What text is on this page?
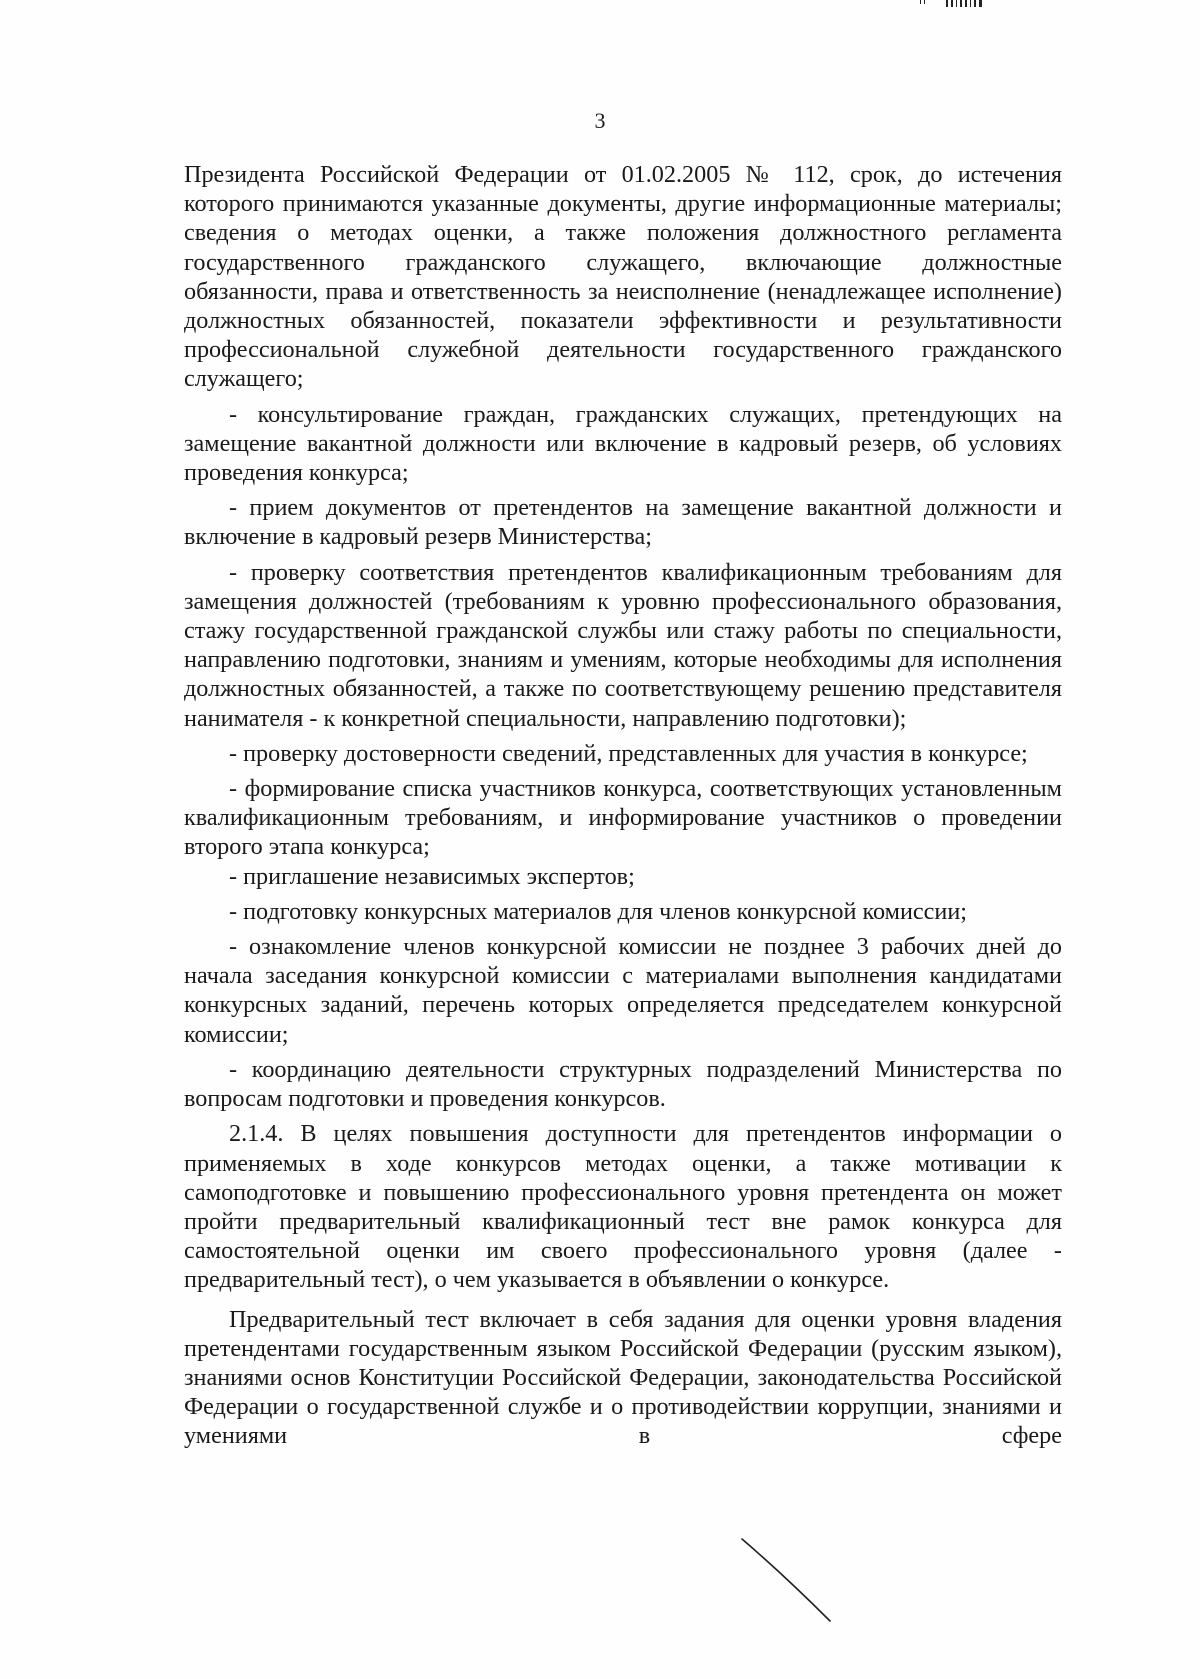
3

Президента Российской Федерации от 01.02.2005 № 112, срок, до истечения которого принимаются указанные документы, другие информационные материалы; сведения о методах оценки, а также положения должностного регламента государственного гражданского служащего, включающие должностные обязанности, права и ответственность за неисполнение (ненадлежащее исполнение) должностных обязанностей, показатели эффективности и результативности профессиональной служебной деятельности государственного гражданского служащего;

- консультирование граждан, гражданских служащих, претендующих на замещение вакантной должности или включение в кадровый резерв, об условиях проведения конкурса;

- прием документов от претендентов на замещение вакантной должности и включение в кадровый резерв Министерства;

- проверку соответствия претендентов квалификационным требованиям для замещения должностей (требованиям к уровню профессионального образования, стажу государственной гражданской службы или стажу работы по специальности, направлению подготовки, знаниям и умениям, которые необходимы для исполнения должностных обязанностей, а также по соответствующему решению представителя нанимателя - к конкретной специальности, направлению подготовки);

- проверку достоверности сведений, представленных для участия в конкурсе;

- формирование списка участников конкурса, соответствующих установленным квалификационным требованиям, и информирование участников о проведении второго этапа конкурса;

- приглашение независимых экспертов;

- подготовку конкурсных материалов для членов конкурсной комиссии;

- ознакомление членов конкурсной комиссии не позднее 3 рабочих дней до начала заседания конкурсной комиссии с материалами выполнения кандидатами конкурсных заданий, перечень которых определяется председателем конкурсной комиссии;

- координацию деятельности структурных подразделений Министерства по вопросам подготовки и проведения конкурсов.

2.1.4. В целях повышения доступности для претендентов информации о применяемых в ходе конкурсов методах оценки, а также мотивации к самоподготовке и повышению профессионального уровня претендента он может пройти предварительный квалификационный тест вне рамок конкурса для самостоятельной оценки им своего профессионального уровня (далее - предварительный тест), о чем указывается в объявлении о конкурсе.

Предварительный тест включает в себя задания для оценки уровня владения претендентами государственным языком Российской Федерации (русским языком), знаниями основ Конституции Российской Федерации, законодательства Российской Федерации о государственной службе и о противодействии коррупции, знаниями и умениями в сфере
